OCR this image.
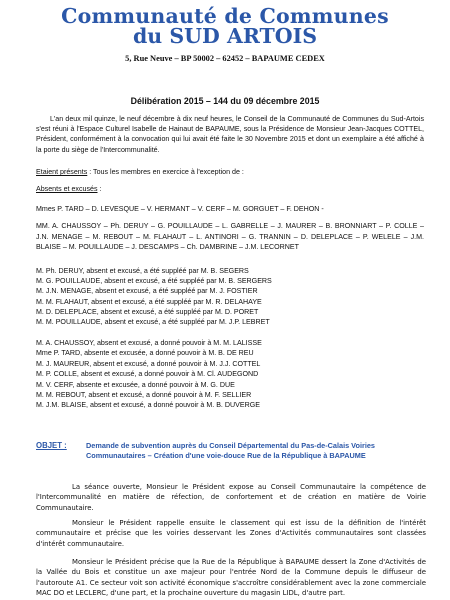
Communauté de Communes
du SUD ARTOIS
5, Rue Neuve – BP 50002 – 62452 – BAPAUME CEDEX
Délibération 2015 – 144 du 09 décembre 2015
L'an deux mil quinze, le neuf décembre à dix neuf heures, le Conseil de la Communauté de Communes du Sud-Artois s'est réuni à l'Espace Culturel Isabelle de Hainaut de BAPAUME, sous la Présidence de Monsieur Jean-Jacques COTTEL, Président, conformément à la convocation qui lui avait été faite le 30 Novembre 2015 et dont un exemplaire a été affiché à la porte du siège de l'Intercommunalité.
Etaient présents : Tous les membres en exercice à l'exception de :
Absents et excusés :
Mmes P. TARD – D. LEVESQUE – V. HERMANT – V. CERF – M. GORGUET – F. DEHON -
MM. A. CHAUSSOY – Ph. DERUY – G. POUILLAUDE – L. GABRELLE – J. MAURER – B. BRONNIART – P. COLLE – J.N. MENAGE – M. REBOUT – M. FLAHAUT – L. ANTINORI – G. TRANNIN – D. DELEPLACE – P. WELELE – J.M. BLAISE – M. POUILLAUDE – J. DESCAMPS – Ch. DAMBRINE – J.M. LECORNET
M. Ph. DERUY, absent et excusé, a été suppléé par M. B. SEGERS
M. G. POUILLAUDE, absent et excusé, a été suppléé par M. B. SERGERS
M. J.N. MENAGE, absent et excusé, a été suppléé par M. J. FOSTIER
M. M. FLAHAUT, absent et excusé, a été suppléé par M. R. DELAHAYE
M. D. DELEPLACE, absent et excusé, a été suppléé par M. D. PORET
M. M. POUILLAUDE, absent et excusé, a été suppléé par M. J.P. LEBRET
M. A. CHAUSSOY, absent et excusé, a donné pouvoir à M. M. LALISSE
Mme P. TARD, absente et excusée, a donné pouvoir à M. B. DE REU
M. J. MAUREUR, absent et excusé, a donné pouvoir à M. J.J. COTTEL
M. P. COLLE, absent et excusé, a donné pouvoir à M. Cl. AUDEGOND
M. V. CERF, absente et excusée, a donné pouvoir à M. G. DUE
M. M. REBOUT, absent et excusé, a donné pouvoir à M. F. SELLIER
M. J.M. BLAISE, absent et excusé, a donné pouvoir à M. B. DUVERGE
OBJET :	Demande de subvention auprès du Conseil Départemental du Pas-de-Calais Voiries Communautaires – Création d'une voie-douce Rue de la République à BAPAUME
La séance ouverte, Monsieur le Président expose au Conseil Communautaire la compétence de l'Intercommunalité en matière de réfection, de confortement et de création en matière de Voirie Communautaire.
Monsieur le Président rappelle ensuite le classement qui est issu de la définition de l'intérêt communautaire et précise que les voiries desservant les Zones d'Activités communautaires sont classées d'intérêt communautaire.
Monsieur le Président précise que la Rue de la République à BAPAUME dessert la Zone d'Activités de la Vallée du Bois et constitue un axe majeur pour l'entrée Nord de la Commune depuis le diffuseur de l'autoroute A1. Ce secteur voit son activité économique s'accroître considérablement avec la zone commerciale MAC DO et LECLERC, d'une part, et la prochaine ouverture du magasin LIDL, d'autre part.
